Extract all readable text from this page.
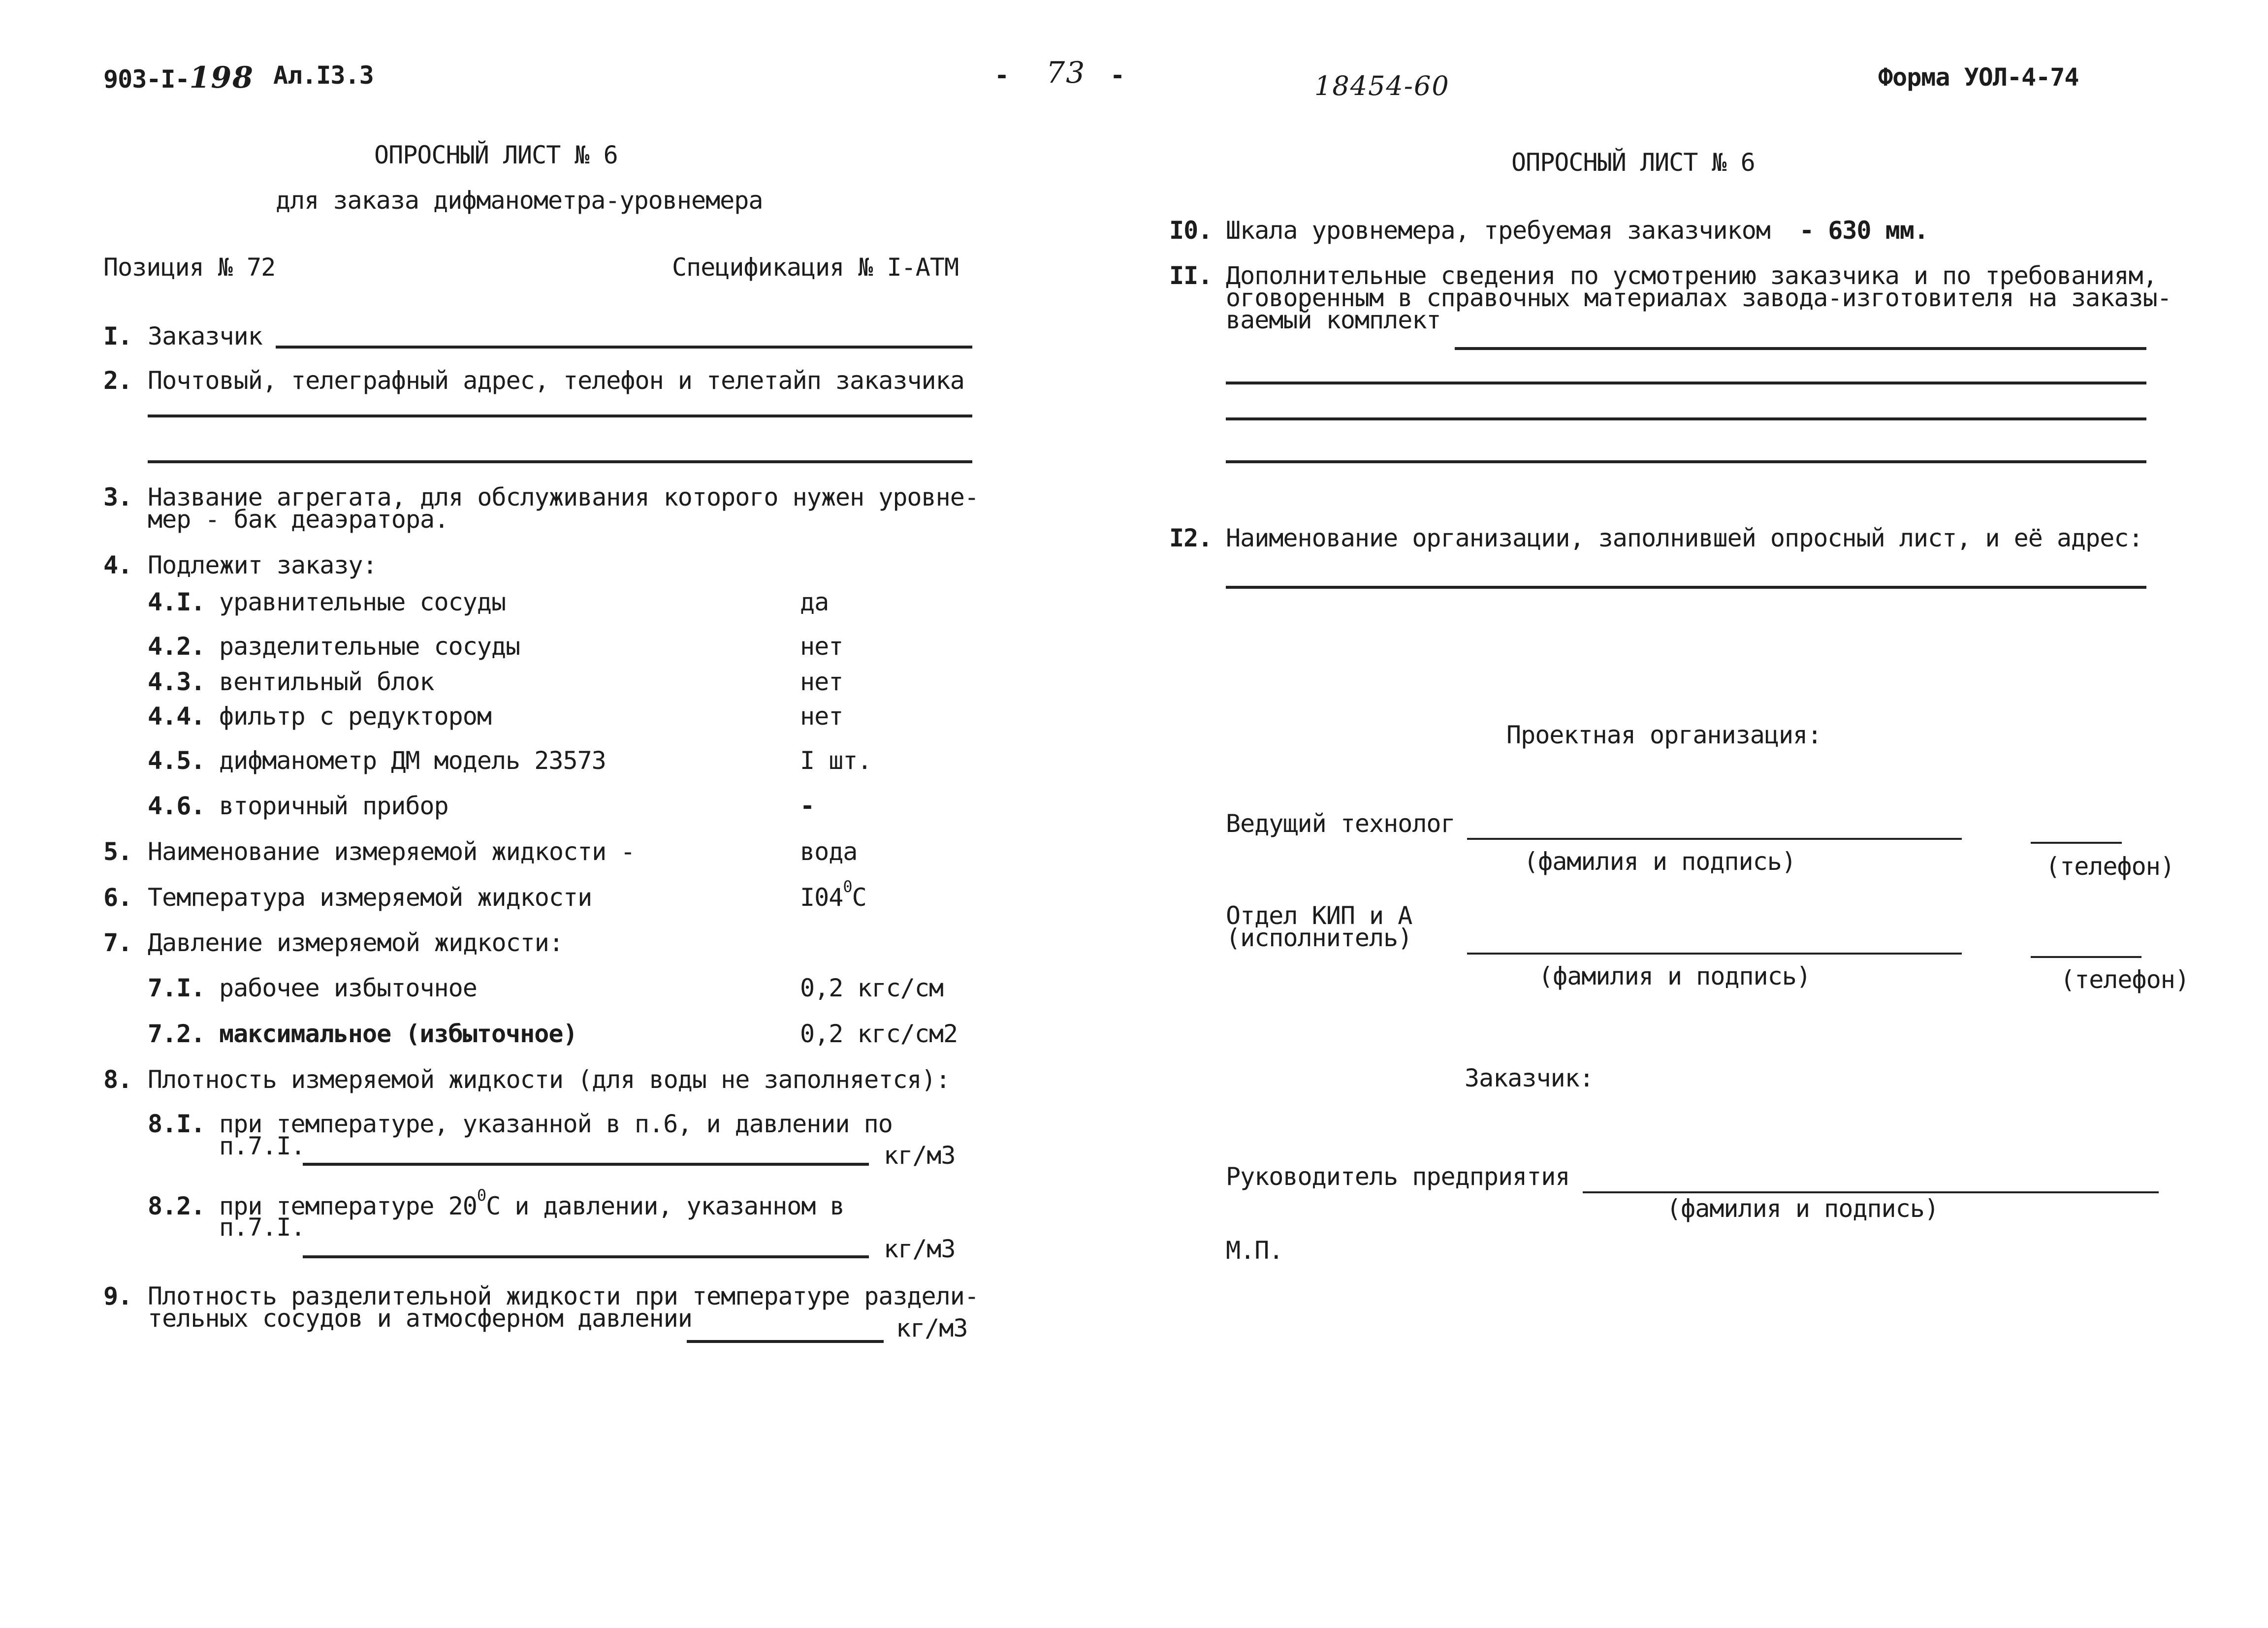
903-I-198 Ал.I3.3	- 73 -	18454-60	Форма УОЛ-4-74
ОПРОСНЫЙ ЛИСТ № 6
для заказа дифманометра-уровнемера
Позиция № 72	Спецификация № I-АТМ
I. Заказчик
2. Почтовый, телеграфный адрес, телефон и телетайп заказчика
3. Название агрегата, для обслуживания которого нужен уровне-
мер - бак деаэратора.
4. Подлежит заказу:
4.I. уравнительные сосуды	да
4.2. разделительные сосуды	нет
4.3. вентильный блок	нет
4.4. фильтр с редуктором	нет
4.5. дифманометр ДМ модель 23573	I шт.
4.6. вторичный прибор	-
5. Наименование измеряемой жидкости -	вода
6. Температура измеряемой жидкости	$I04^0С$
7. Давление измеряемой жидкости:
7.I. рабочее избыточное	0,2 кгс/см
7.2. максимальное (избыточное)	0,2 кгс/см2
8. Плотность измеряемой жидкости (для воды не заполняется):
8.I. при температуре, указанной в п.6, и давлении по
п.7.I.	кг/м3
8.2. при температуре $20^0С$ и давлении, указанном в
п.7.I.
кг/м3
9. Плотность разделительной жидкости при температуре раздели-
тельных сосудов и атмосферном давлении	кг/м3
ОПРОСНЫЙ ЛИСТ № 6
I0. Шкала уровнемера, требуемая заказчиком - 630 мм.
II. Дополнительные сведения по усмотрению заказчика и по требованиям,
оговоренным в справочных материалах завода-изготовителя на заказы-
ваемый комплект
I2. Наименование организации, заполнившей опросный лист, и её адрес:
Проектная организация:
Ведущий технолог
(фамилия и подпись)	(телефон)
Отдел КИП и А
(исполнитель)
(фамилия и подпись)	(телефон)
Заказчик:
Руководитель предприятия
(фамилия и подпись)
М.П.
